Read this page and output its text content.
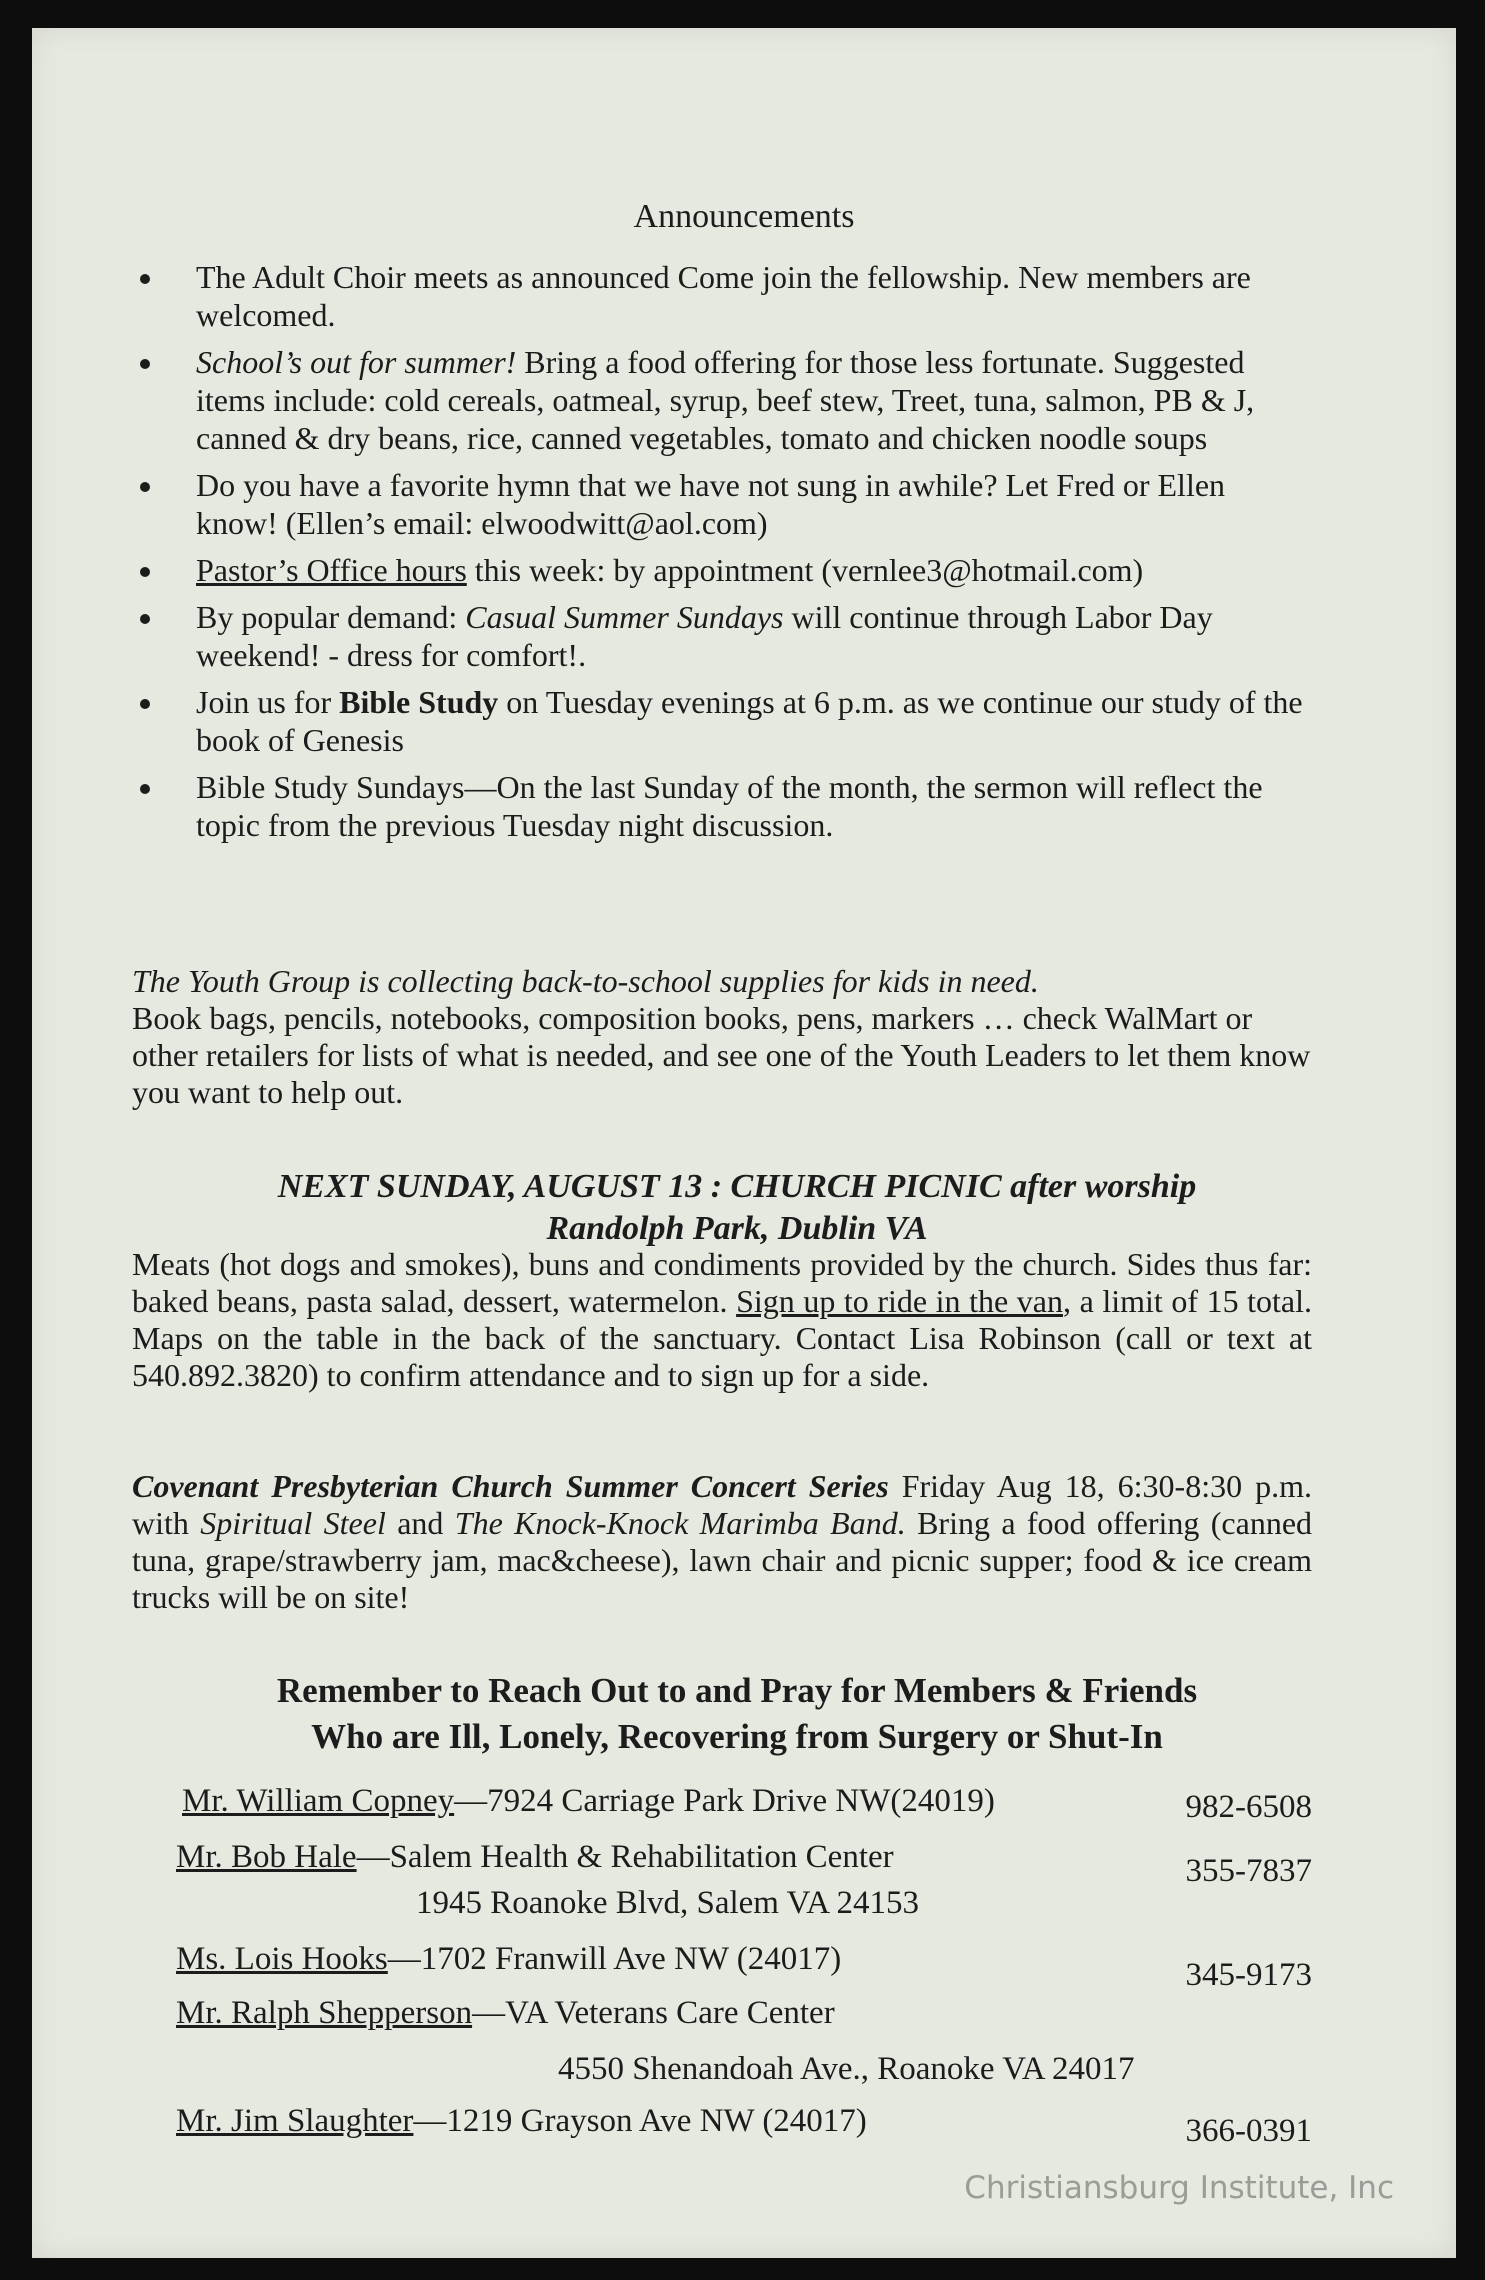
Announcements
The Adult Choir meets as announced Come join the fellowship. New members are welcomed.
School’s out for summer! Bring a food offering for those less fortunate. Suggested items include: cold cereals, oatmeal, syrup, beef stew, Treet, tuna, salmon, PB & J, canned & dry beans, rice, canned vegetables, tomato and chicken noodle soups
Do you have a favorite hymn that we have not sung in awhile? Let Fred or Ellen know! (Ellen’s email: elwoodwitt@aol.com)
Pastor’s Office hours this week: by appointment (vernlee3@hotmail.com)
By popular demand: Casual Summer Sundays will continue through Labor Day weekend! - dress for comfort!.
Join us for Bible Study on Tuesday evenings at 6 p.m. as we continue our study of the book of Genesis
Bible Study Sundays—On the last Sunday of the month, the sermon will reflect the topic from the previous Tuesday night discussion.
The Youth Group is collecting back-to-school supplies for kids in need.
Book bags, pencils, notebooks, composition books, pens, markers … check WalMart or other retailers for lists of what is needed, and see one of the Youth Leaders to let them know you want to help out.
NEXT SUNDAY, AUGUST 13 : CHURCH PICNIC after worship
Randolph Park, Dublin VA
Meats (hot dogs and smokes), buns and condiments provided by the church. Sides thus far: baked beans, pasta salad, dessert, watermelon. Sign up to ride in the van, a limit of 15 total. Maps on the table in the back of the sanctuary. Contact Lisa Robinson (call or text at 540.892.3820) to confirm attendance and to sign up for a side.
Covenant Presbyterian Church Summer Concert Series Friday Aug 18, 6:30-8:30 p.m. with Spiritual Steel and The Knock-Knock Marimba Band. Bring a food offering (canned tuna, grape/strawberry jam, mac&cheese), lawn chair and picnic supper; food & ice cream trucks will be on site!
Remember to Reach Out to and Pray for Members & Friends
Who are Ill, Lonely, Recovering from Surgery or Shut-In
Mr. William Copney—7924 Carriage Park Drive NW(24019)	982-6508
Mr. Bob Hale—Salem Health & Rehabilitation Center	355-7837
1945 Roanoke Blvd, Salem VA 24153
Ms. Lois Hooks—1702 Franwill Ave NW (24017)	345-9173
Mr. Ralph Shepperson—VA Veterans Care Center
4550 Shenandoah Ave., Roanoke VA 24017
Mr. Jim Slaughter—1219 Grayson Ave NW (24017)	366-0391
Christiansburg Institute, Inc
